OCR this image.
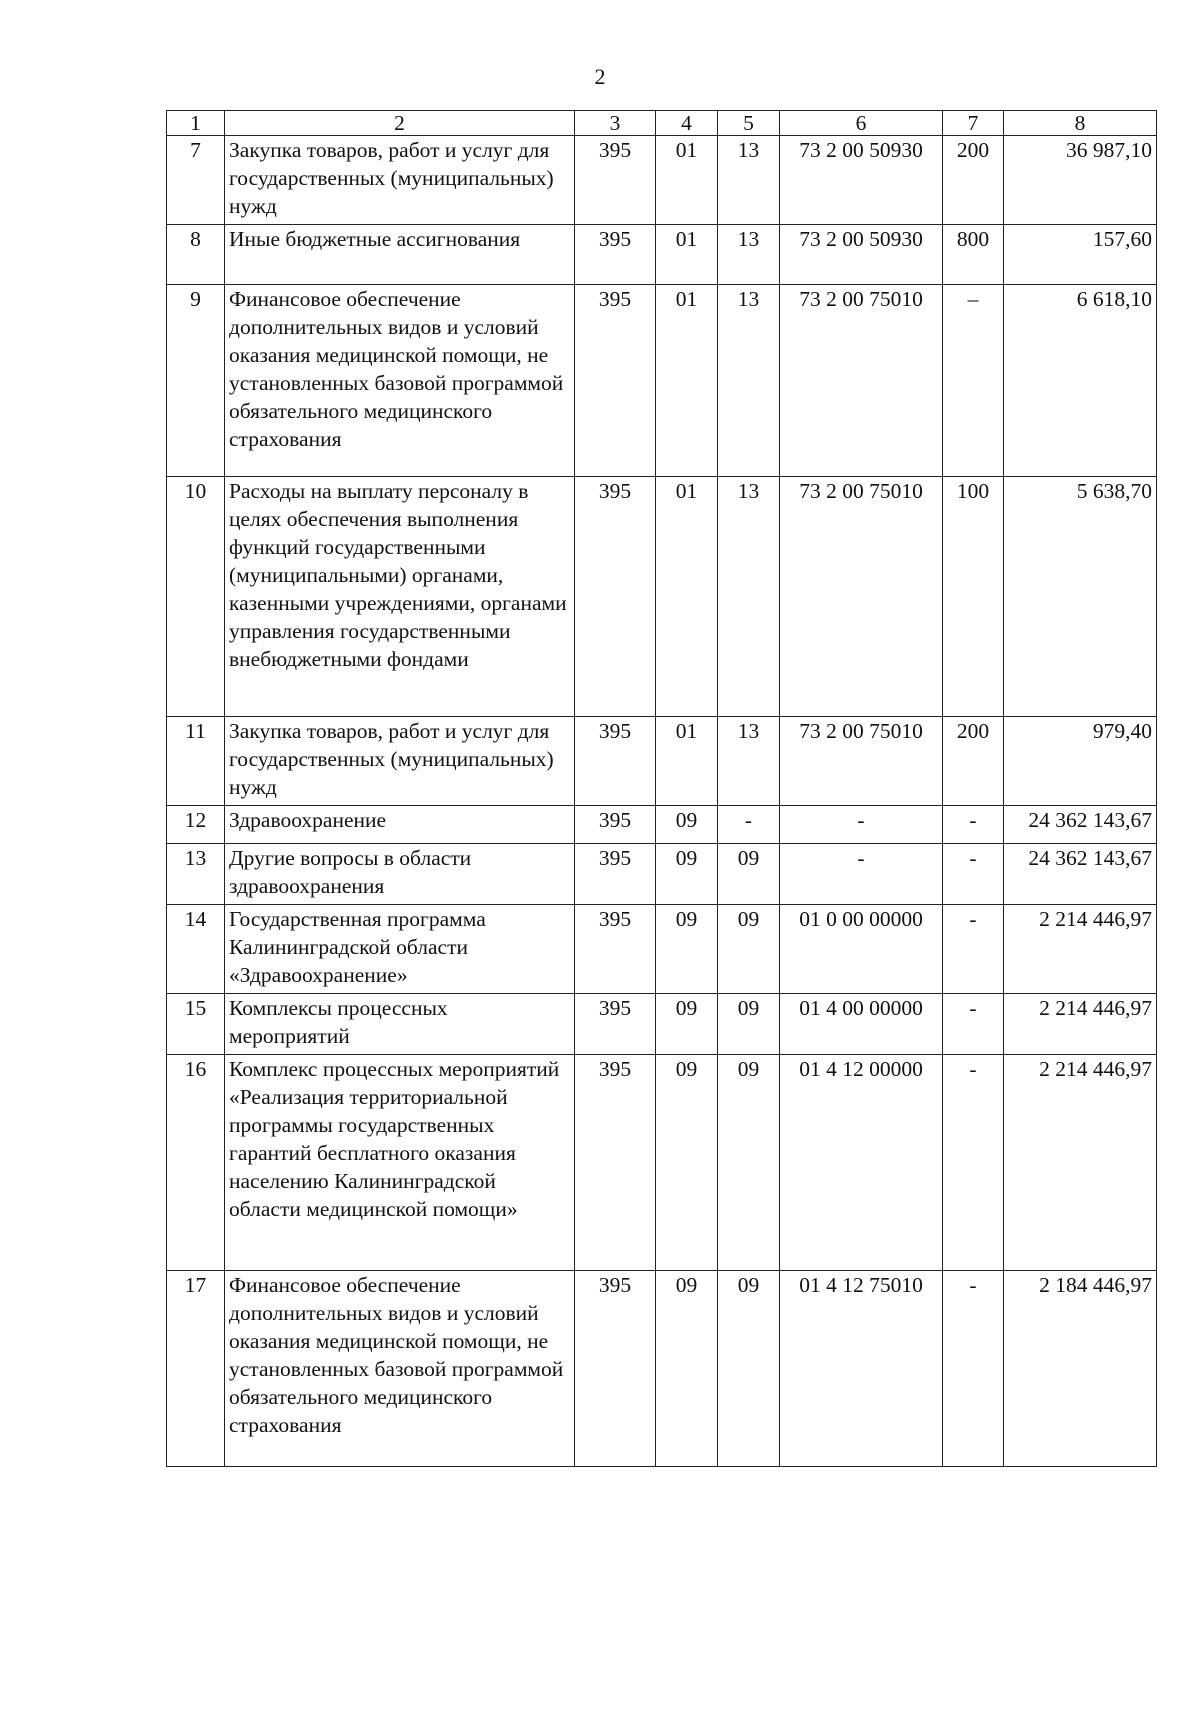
2
1	2	3	4	5	6	7	8
7	Закупка товаров, работ и услуг для государственных (муниципальных) нужд	395	01	13	73 2 00 50930	200	36 987,10
8	Иные бюджетные ассигнования	395	01	13	73 2 00 50930	800	157,60
9	Финансовое обеспечение дополнительных видов и условий оказания медицинской помощи, не установленных базовой программой обязательного медицинского страхования	395	01	13	73 2 00 75010	–	6 618,10
10	Расходы на выплату персоналу в целях обеспечения выполнения функций государственными (муниципальными) органами, казенными учреждениями, органами управления государственными внебюджетными фондами	395	01	13	73 2 00 75010	100	5 638,70
11	Закупка товаров, работ и услуг для государственных (муниципальных) нужд	395	01	13	73 2 00 75010	200	979,40
12	Здравоохранение	395	09	-	-	-	24 362 143,67
13	Другие вопросы в области здравоохранения	395	09	09	-	-	24 362 143,67
14	Государственная программа Калининградской области «Здравоохранение»	395	09	09	01 0 00 00000	-	2 214 446,97
15	Комплексы процессных мероприятий	395	09	09	01 4 00 00000	-	2 214 446,97
16	Комплекс процессных мероприятий «Реализация территориальной программы государственных гарантий бесплатного оказания населению Калининградской области медицинской помощи»	395	09	09	01 4 12 00000	-	2 214 446,97
17	Финансовое обеспечение дополнительных видов и условий оказания медицинской помощи, не установленных базовой программой обязательного медицинского страхования	395	09	09	01 4 12 75010	-	2 184 446,97
